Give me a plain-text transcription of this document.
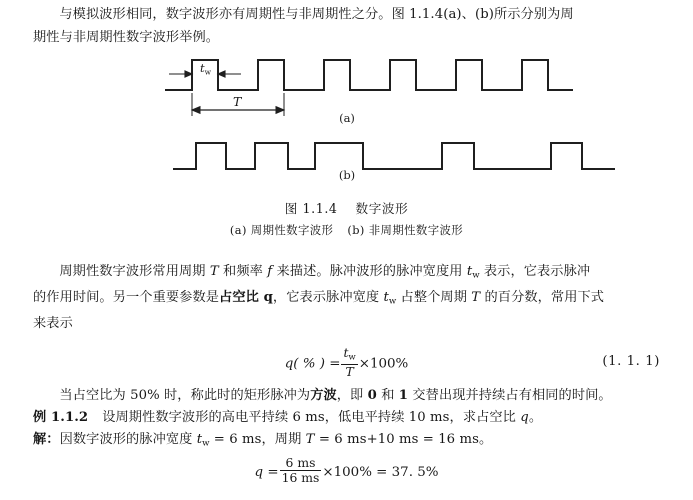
与模拟波形相同，数字波形亦有周期性与非周期性之分。图 1.1.4(a)、(b)所示分别为周
期性与非周期性数字波形举例。
$t_w$
T
(a)
(b)
图 1.1.4 数字波形
(a) 周期性数字波形 (b) 非周期性数字波形
周期性数字波形常用周期 T 和频率 f 来描述。脉冲波形的脉冲宽度用 $t_w$ 表示，它表示脉冲
的作用时间。另一个重要参数是占空比 q，它表示脉冲宽度 $t_w$ 占整个周期 T 的百分数，常用下式
来表示
q( % ) = $\frac{t_w}{T} \times 100\%$	(1. 1. 1)
当占空比为 50% 时，称此时的矩形脉冲为方波，即 0 和 1 交替出现并持续占有相同的时间。
例 1.1.2 设周期性数字波形的高电平持续 6 ms，低电平持续 10 ms，求占空比 q。
解：因数字波形的脉冲宽度 $t_w = 6$ ms，周期 T = 6 ms+10 ms = 16 ms。
$q = \frac{6 ms}{16 ms} \times 100\% = 37$. 5%
